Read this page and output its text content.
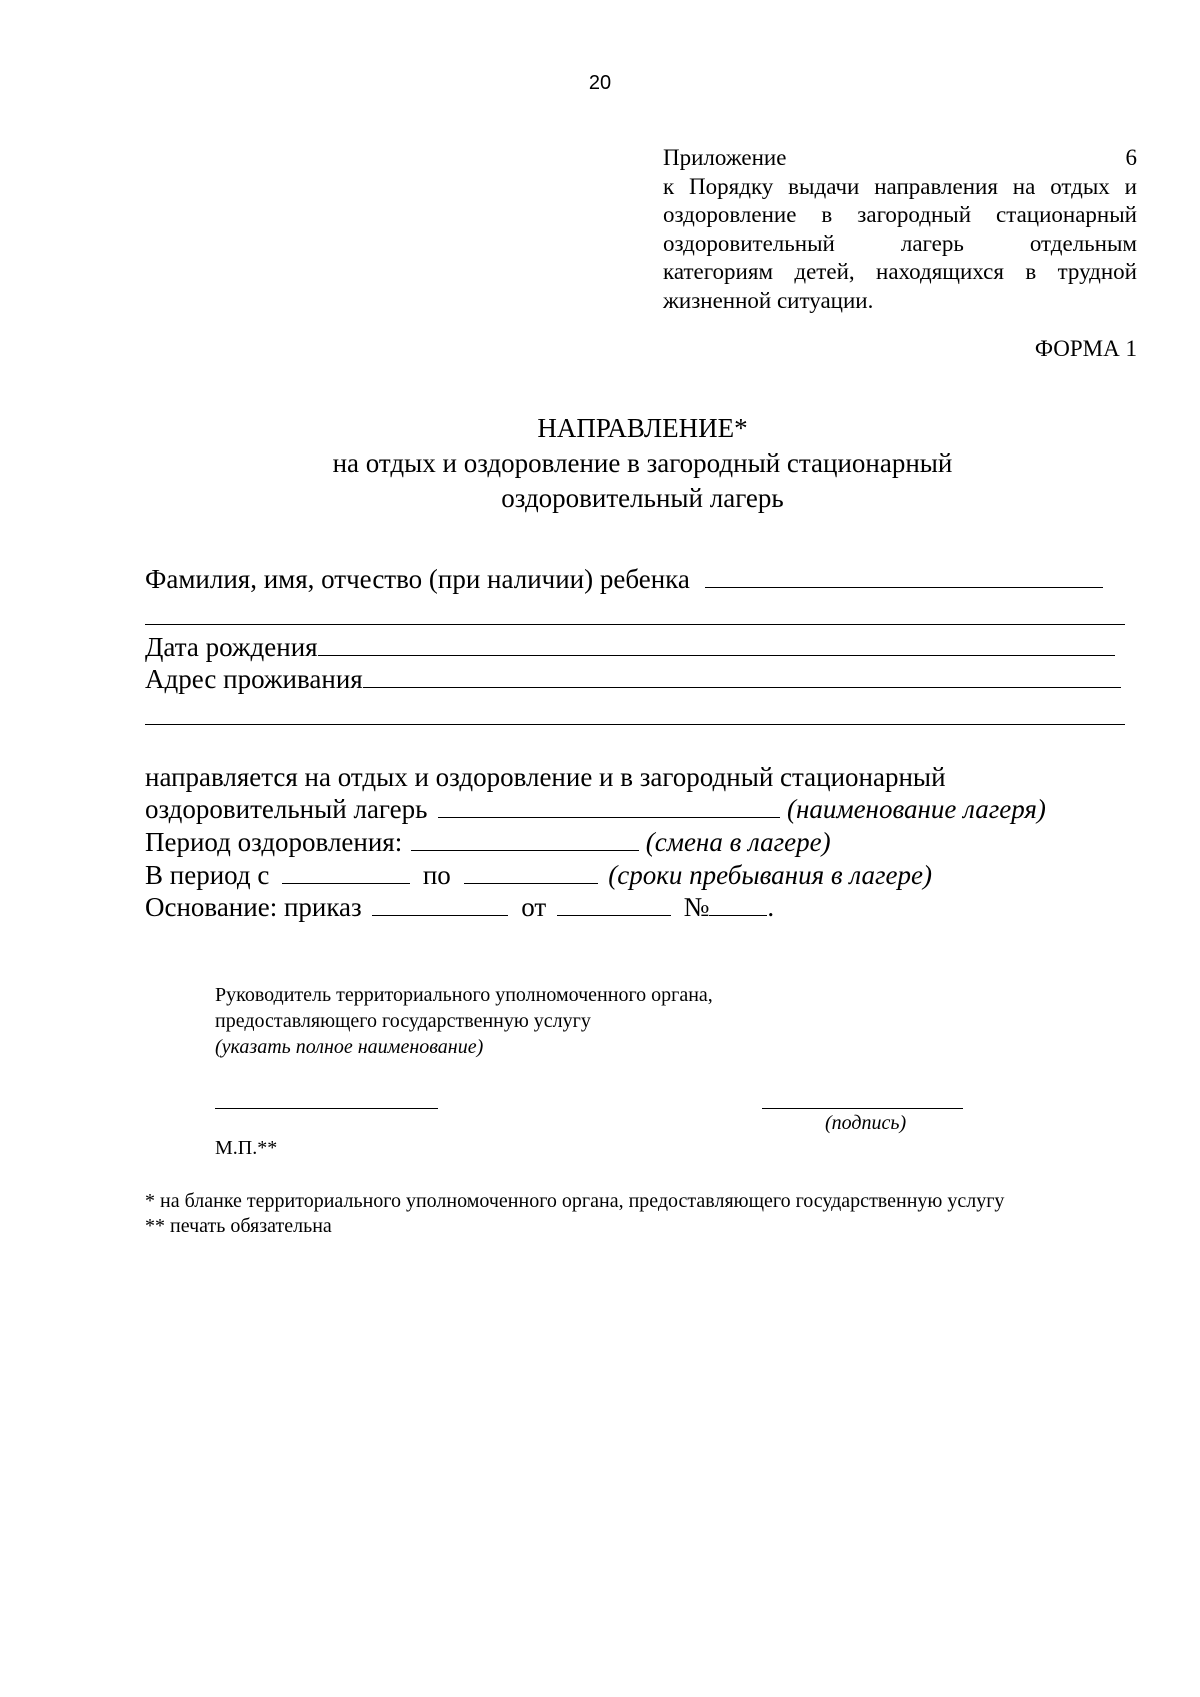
20
Приложение 6
к Порядку выдачи направления на отдых и
оздоровление в загородный стационарный
оздоровительный лагерь отдельным
категориям детей, находящихся в трудной
жизненной ситуации.
ФОРМА 1
НАПРАВЛЕНИЕ*
на отдых и оздоровление в загородный стационарный
оздоровительный лагерь
Фамилия, имя, отчество (при наличии) ребенка
Дата рождения
Адрес проживания
направляется на отдых и оздоровление и в загородный стационарный
оздоровительный лагерь	(наименование лагеря)
Период оздоровления:	(смена в лагере)
В период с	по	(сроки пребывания в лагере)
Основание: приказ	от	№ .
Руководитель территориального уполномоченного органа,
предоставляющего государственную услугу
(указать полное наименование)
(подпись)
М.П.**
* на бланке территориального уполномоченного органа, предоставляющего государственную услугу
** печать обязательна
